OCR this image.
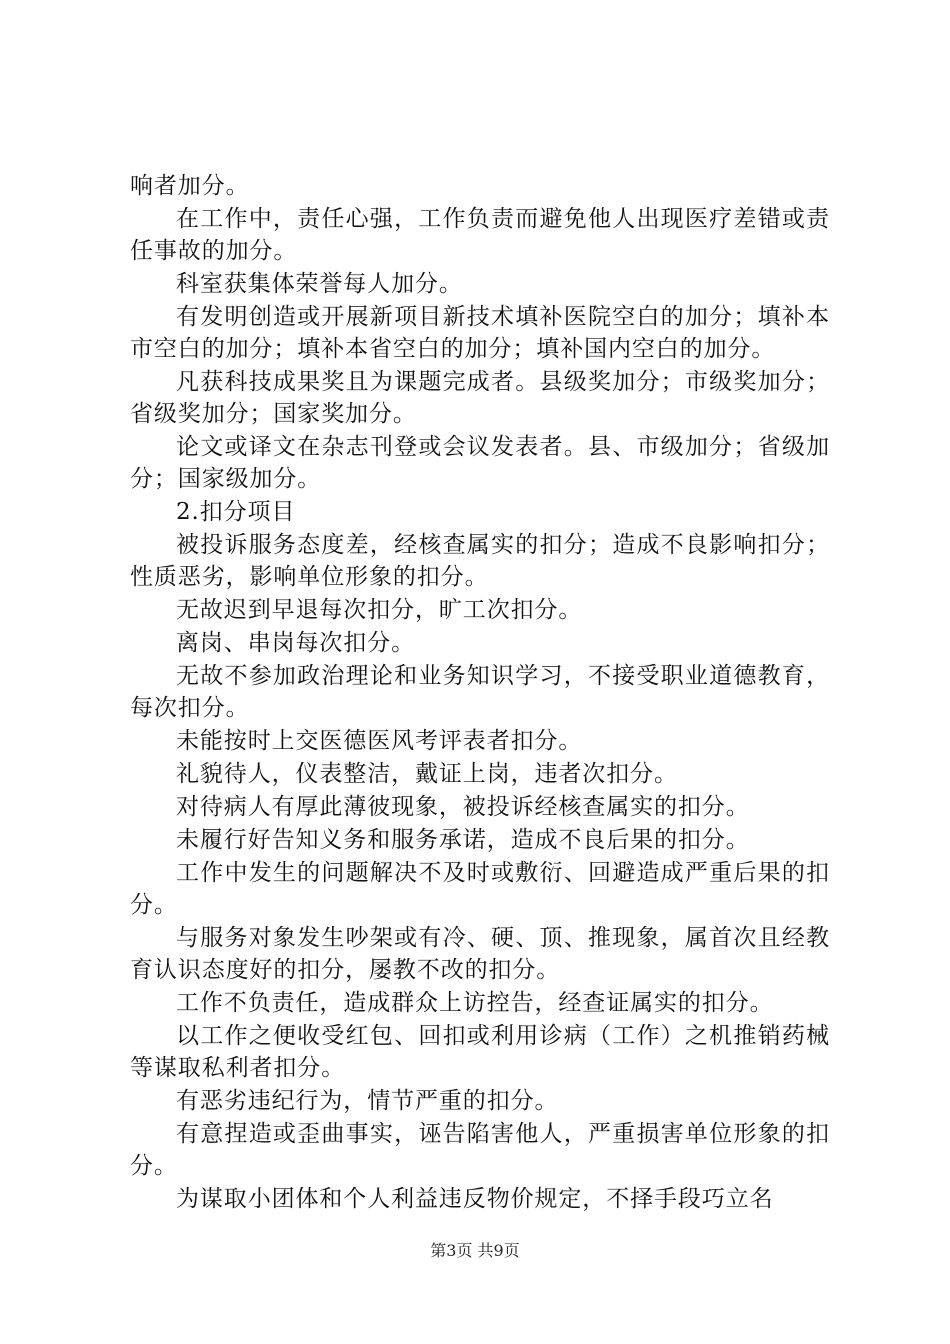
响者加分。

在工作中，责任心强，工作负责而避免他人出现医疗差错或责任事故的加分。

科室获集体荣誉每人加分。

有发明创造或开展新项目新技术填补医院空白的加分；填补本市空白的加分；填补本省空白的加分；填补国内空白的加分。

凡获科技成果奖且为课题完成者。县级奖加分；市级奖加分；省级奖加分；国家奖加分。

论文或译文在杂志刊登或会议发表者。县、市级加分；省级加分；国家级加分。

2.扣分项目

被投诉服务态度差，经核查属实的扣分；造成不良影响扣分；性质恶劣，影响单位形象的扣分。

无故迟到早退每次扣分，旷工次扣分。

离岗、串岗每次扣分。

无故不参加政治理论和业务知识学习，不接受职业道德教育，每次扣分。

未能按时上交医德医风考评表者扣分。

礼貌待人，仪表整洁，戴证上岗，违者次扣分。

对待病人有厚此薄彼现象，被投诉经核查属实的扣分。

未履行好告知义务和服务承诺，造成不良后果的扣分。

工作中发生的问题解决不及时或敷衍、回避造成严重后果的扣分。

与服务对象发生吵架或有冷、硬、顶、推现象，属首次且经教育认识态度好的扣分，屡教不改的扣分。

工作不负责任，造成群众上访控告，经查证属实的扣分。

以工作之便收受红包、回扣或利用诊病（工作）之机推销药械等谋取私利者扣分。

有恶劣违纪行为，情节严重的扣分。

有意捏造或歪曲事实，诬告陷害他人，严重损害单位形象的扣分。

为谋取小团体和个人利益违反物价规定，不择手段巧立名

第3页 共9页
